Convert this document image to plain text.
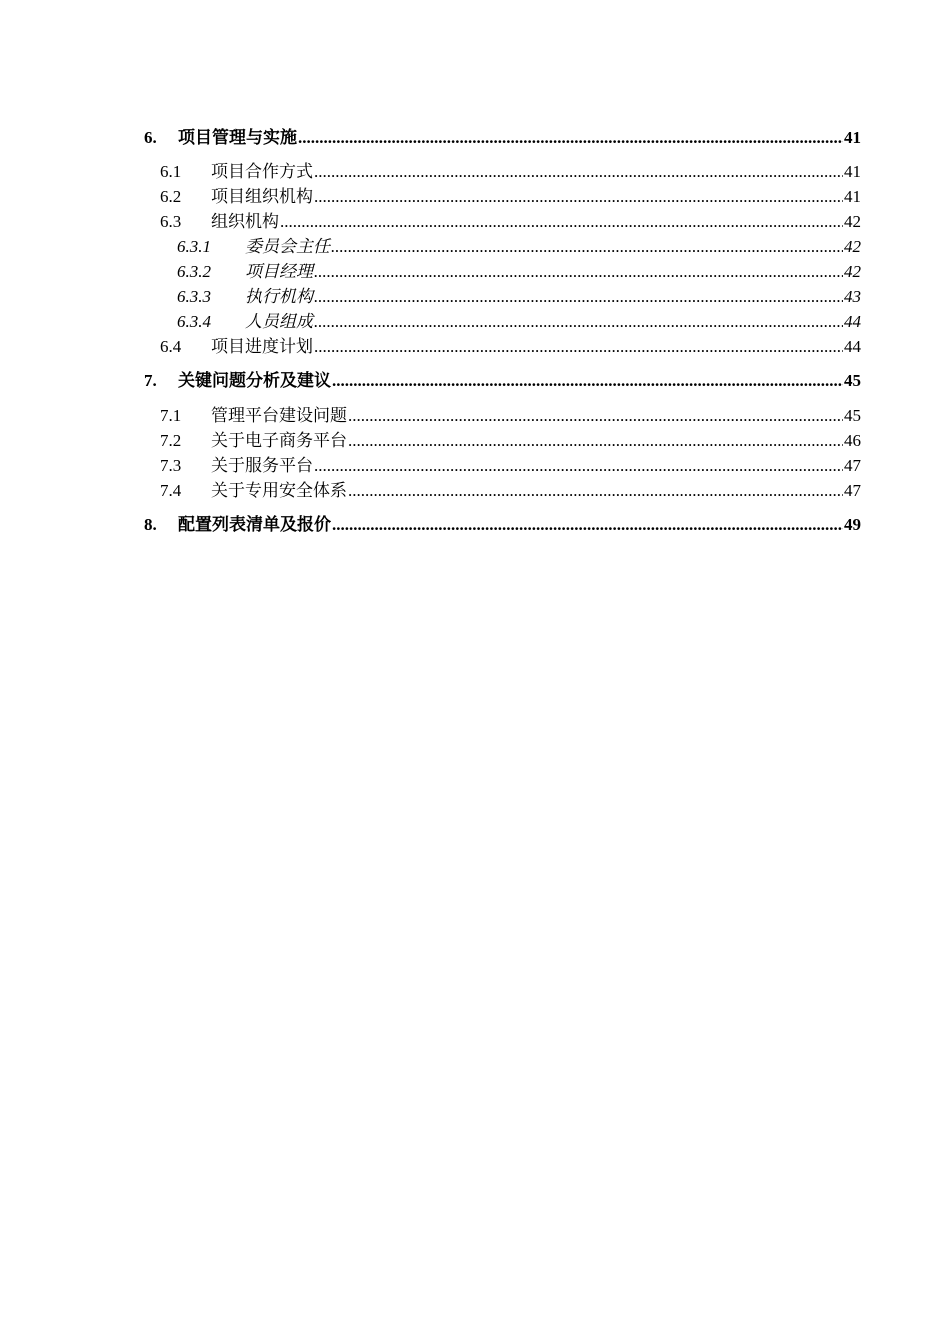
6.	项目管理与实施 .....	41
6.1	项目合作方式 .....	41
6.2	项目组织机构 .....	41
6.3	组织机构 .....	42
6.3.1	委员会主任 .....	42
6.3.2	项目经理 .....	42
6.3.3	执行机构 .....	43
6.3.4	人员组成 .....	44
6.4	项目进度计划 .....	44
7.	关键问题分析及建议 .....	45
7.1	管理平台建设问题 .....	45
7.2	关于电子商务平台 .....	46
7.3	关于服务平台 .....	47
7.4	关于专用安全体系 .....	47
8.	配置列表清单及报价 .....	49
